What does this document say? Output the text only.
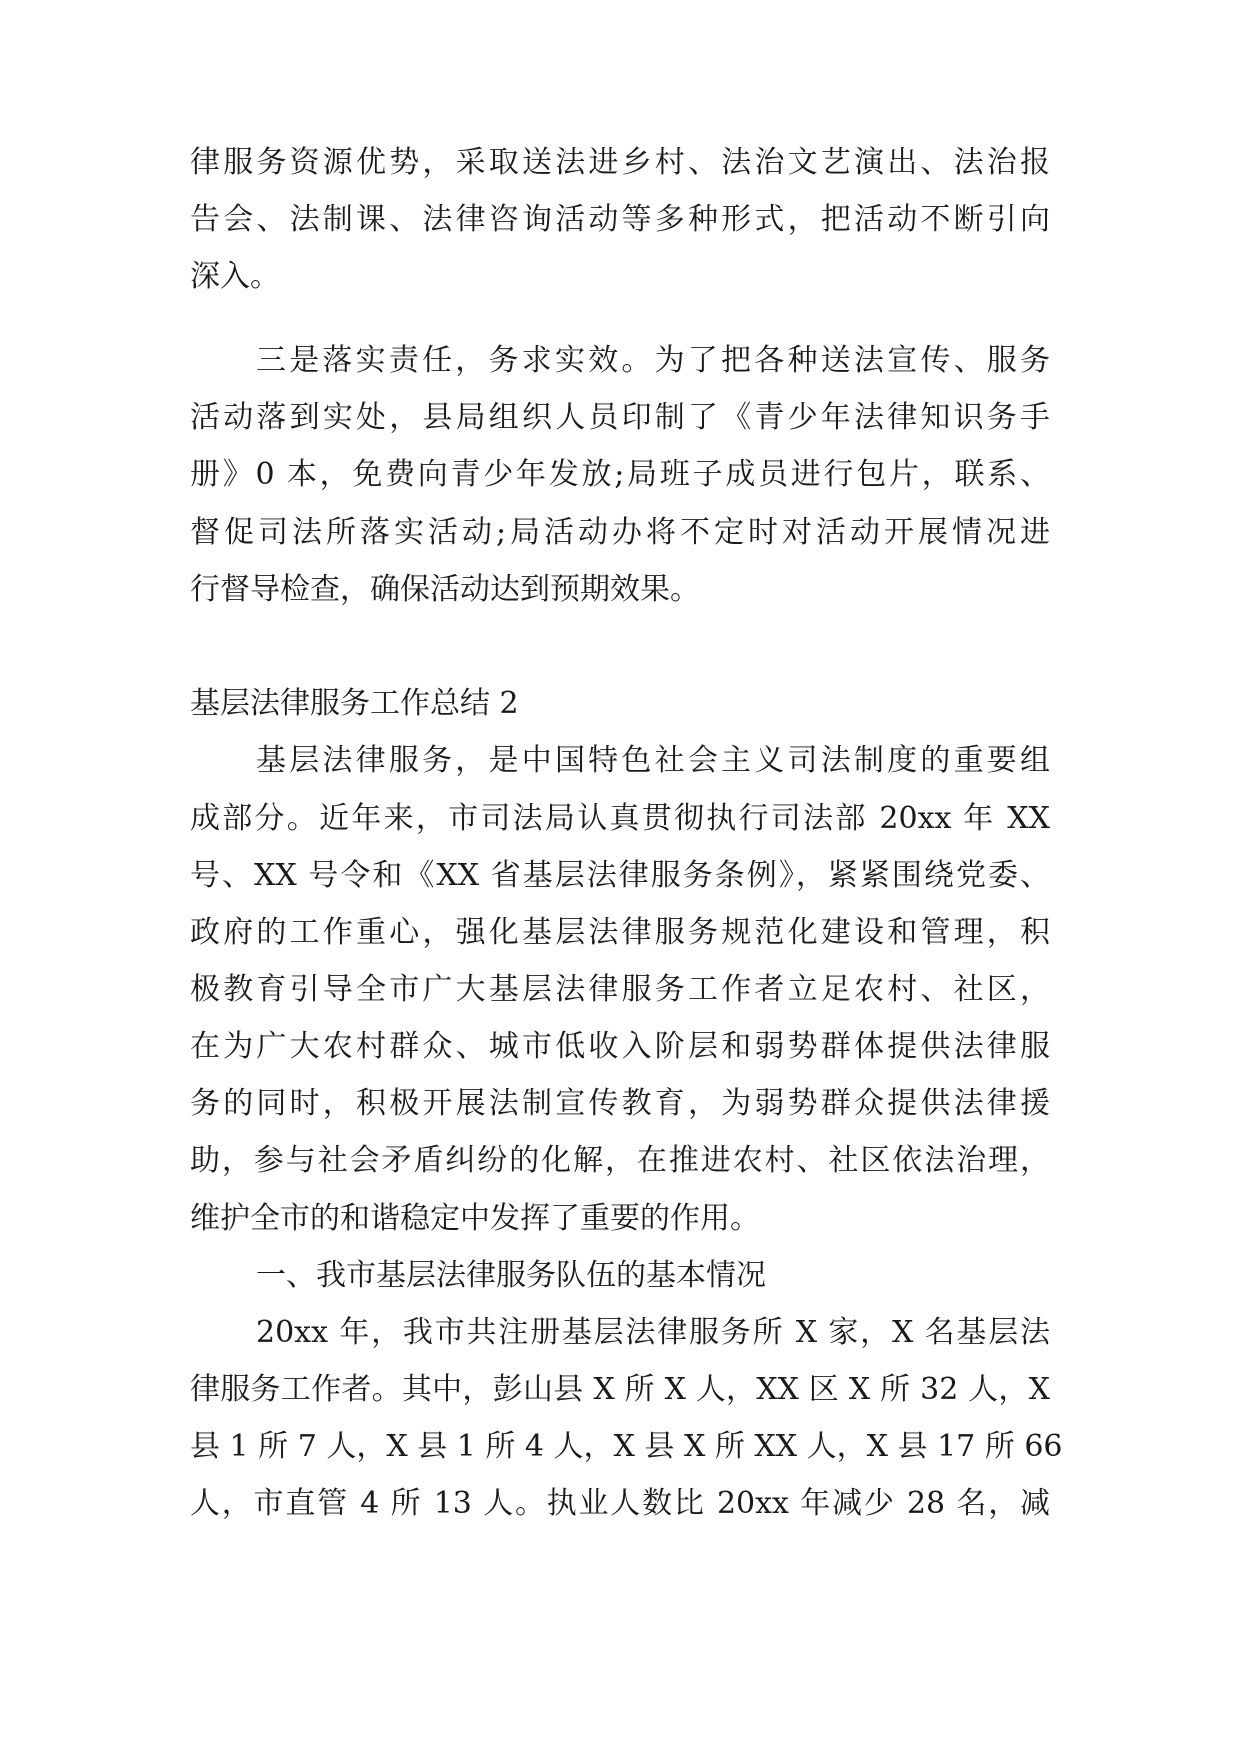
律服务资源优势，采取送法进乡村、法治文艺演出、法治报
告会、法制课、法律咨询活动等多种形式，把活动不断引向
深入。
三是落实责任，务求实效。为了把各种送法宣传、服务
活动落到实处，县局组织人员印制了《青少年法律知识务手
册》0 本，免费向青少年发放;局班子成员进行包片，联系、
督促司法所落实活动;局活动办将不定时对活动开展情况进
行督导检查，确保活动达到预期效果。
基层法律服务工作总结 2
基层法律服务，是中国特色社会主义司法制度的重要组
成部分。近年来，市司法局认真贯彻执行司法部 20xx 年 XX
号、XX 号令和《XX 省基层法律服务条例》，紧紧围绕党委、
政府的工作重心，强化基层法律服务规范化建设和管理，积
极教育引导全市广大基层法律服务工作者立足农村、社区，
在为广大农村群众、城市低收入阶层和弱势群体提供法律服
务的同时，积极开展法制宣传教育，为弱势群众提供法律援
助，参与社会矛盾纠纷的化解，在推进农村、社区依法治理，
维护全市的和谐稳定中发挥了重要的作用。
一、我市基层法律服务队伍的基本情况
20xx 年，我市共注册基层法律服务所 X 家，X 名基层法
律服务工作者。其中，彭山县 X 所 X 人，XX 区 X 所 32 人，X
县 1 所 7 人，X 县 1 所 4 人，X 县 X 所 XX 人，X 县 17 所 66
人，市直管 4 所 13 人。执业人数比 20xx 年减少 28 名，减
